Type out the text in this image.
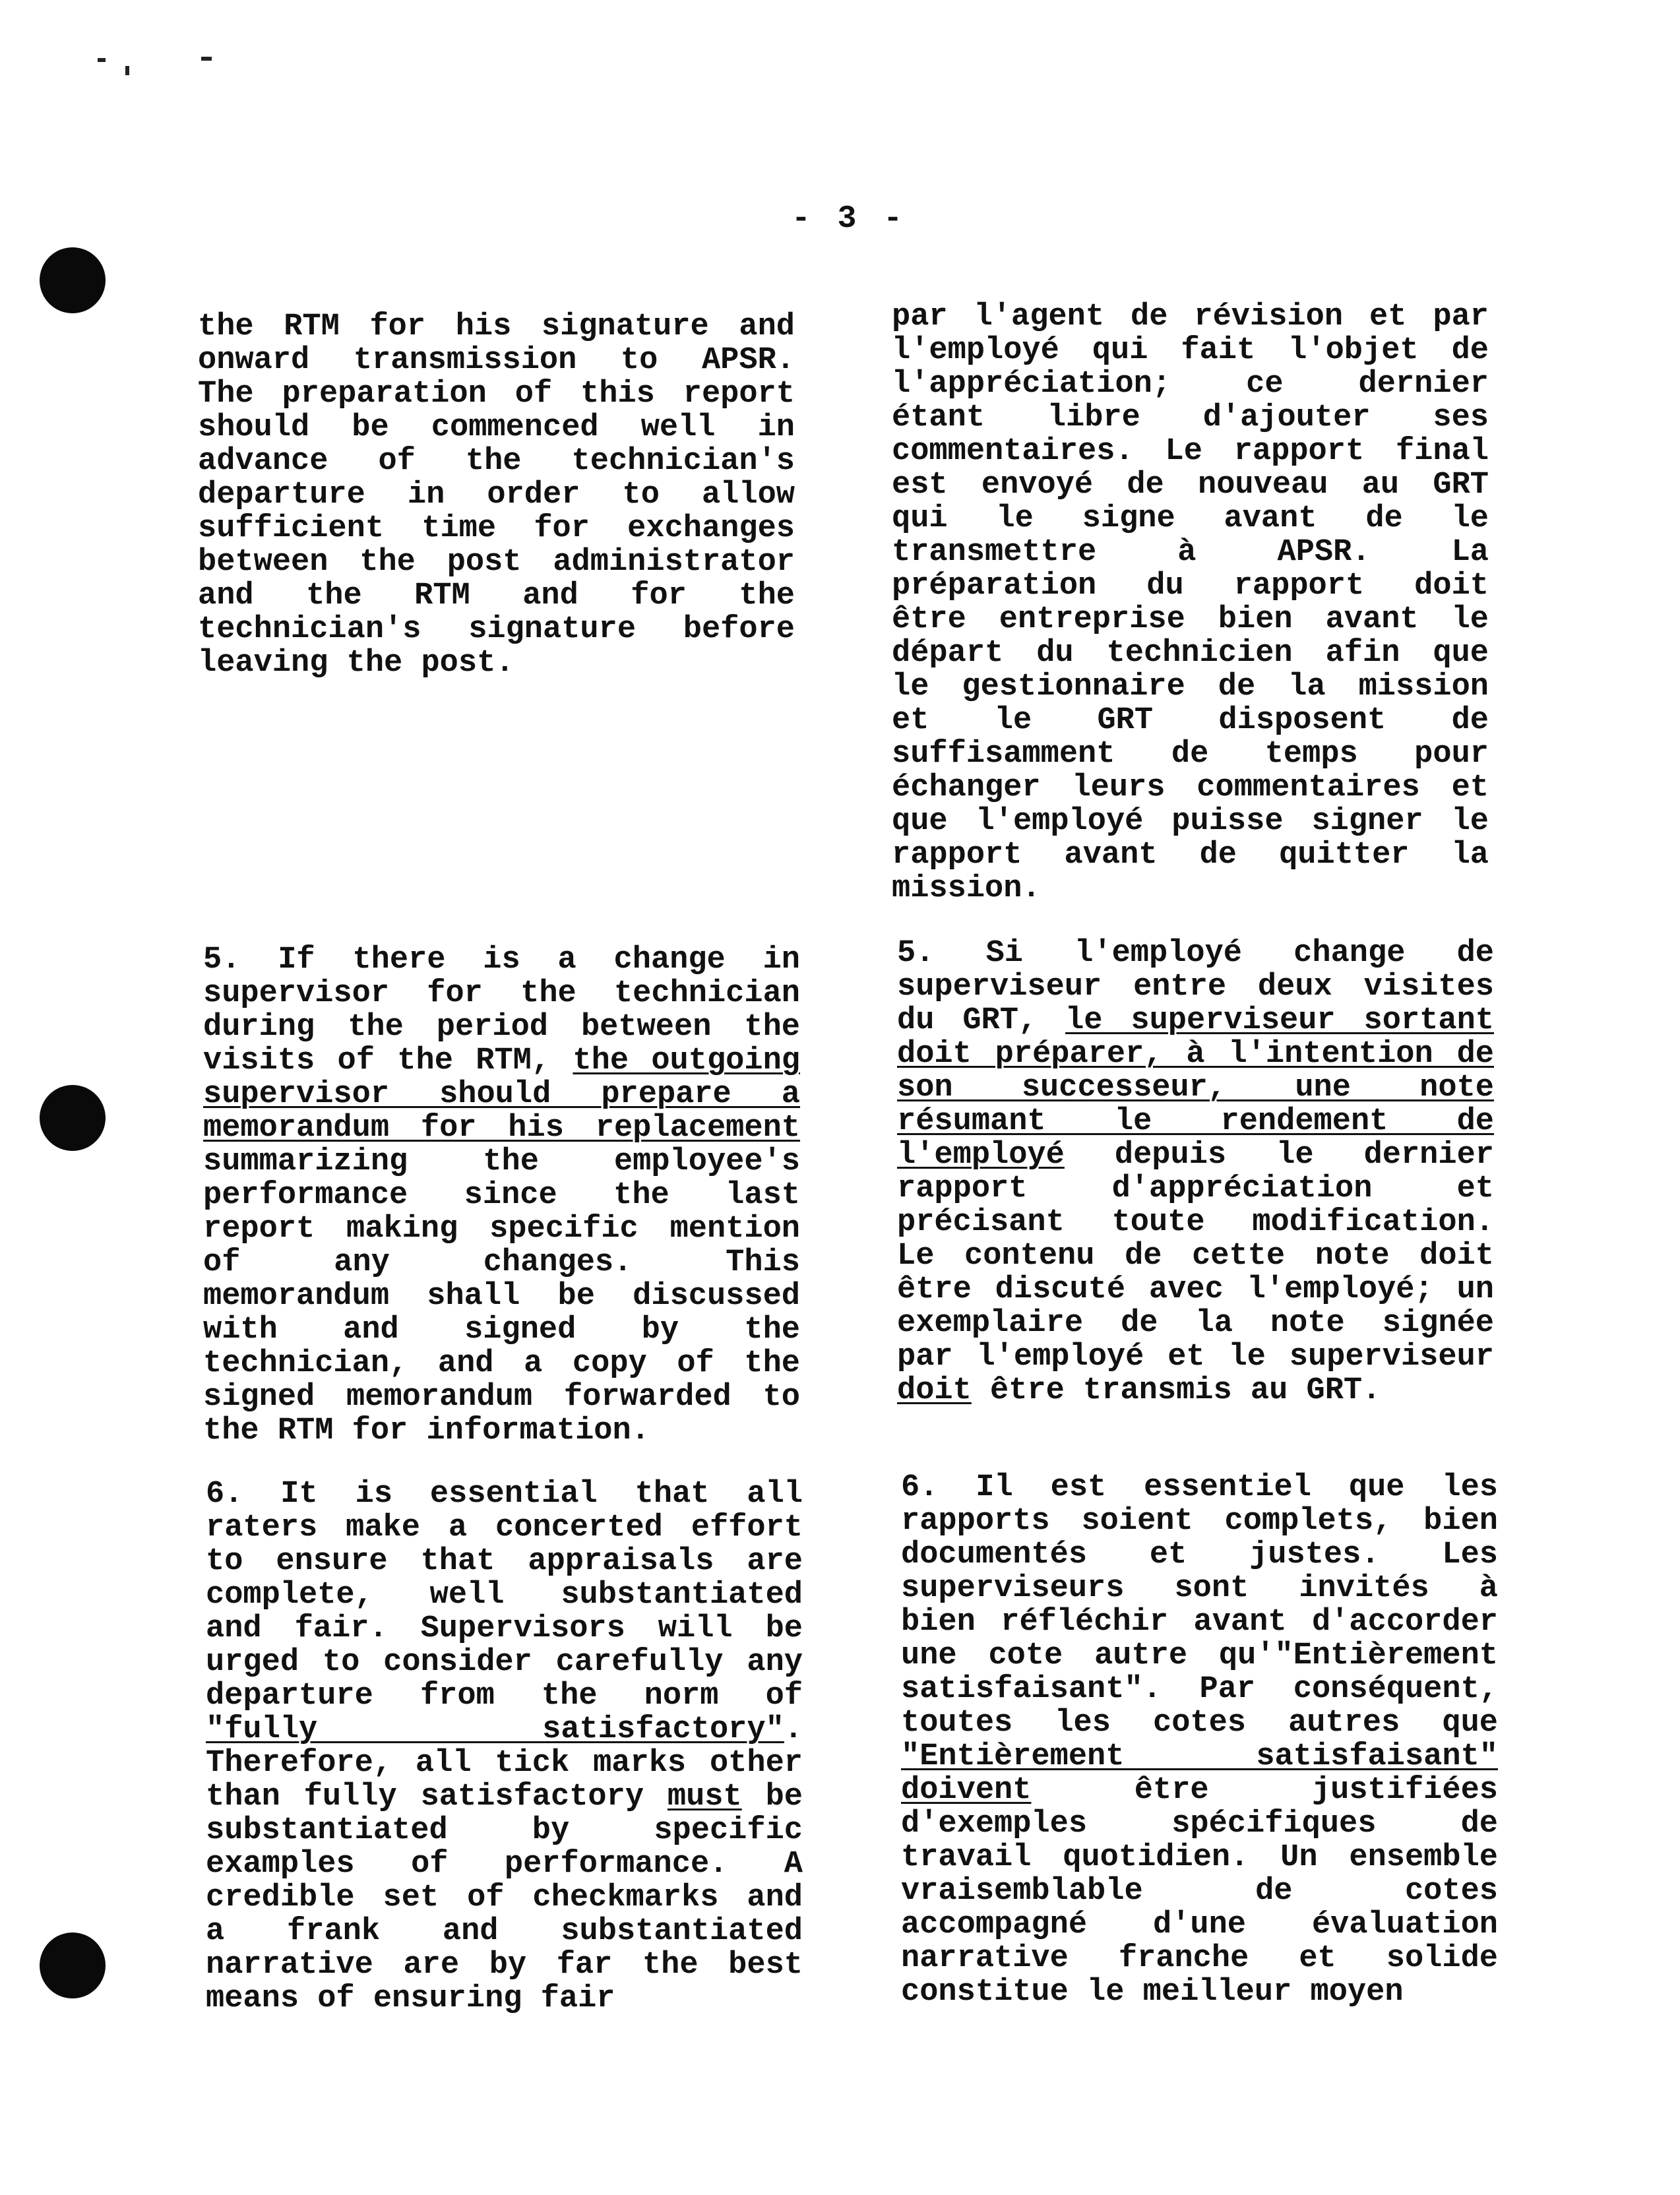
- 3 -
the RTM for his signature and
onward transmission to APSR.
The preparation of this report
should be commenced well in
advance of the technician's
departure in order to allow
sufficient time for exchanges
between the post administrator
and the RTM and for the
technician's signature before
leaving the post.
5. If there is a change in
supervisor for the technician
during the period between the
visits of the RTM, the outgoing
supervisor should prepare a
memorandum for his replacement
summarizing the employee's
performance since the last
report making specific mention
of any changes. This
memorandum shall be discussed
with and signed by the
technician, and a copy of the
signed memorandum forwarded to
the RTM for information.
6. It is essential that all
raters make a concerted effort
to ensure that appraisals are
complete, well substantiated
and fair. Supervisors will be
urged to consider carefully any
departure from the norm of
"fully satisfactory".
Therefore, all tick marks other
than fully satisfactory must be
substantiated by specific
examples of performance. A
credible set of checkmarks and
a frank and substantiated
narrative are by far the best
means of ensuring fair
par l'agent de révision et par
l'employé qui fait l'objet de
l'appréciation; ce dernier
étant libre d'ajouter ses
commentaires. Le rapport final
est envoyé de nouveau au GRT
qui le signe avant de le
transmettre à APSR. La
préparation du rapport doit
être entreprise bien avant le
départ du technicien afin que
le gestionnaire de la mission
et le GRT disposent de
suffisamment de temps pour
échanger leurs commentaires et
que l'employé puisse signer le
rapport avant de quitter la
mission.
5. Si l'employé change de
superviseur entre deux visites
du GRT, le superviseur sortant
doit préparer, à l'intention de
son successeur, une note
résumant le rendement de
l'employé depuis le dernier
rapport d'appréciation et
précisant toute modification.
Le contenu de cette note doit
être discuté avec l'employé; un
exemplaire de la note signée
par l'employé et le superviseur
doit être transmis au GRT.
6. Il est essentiel que les
rapports soient complets, bien
documentés et justes. Les
superviseurs sont invités à
bien réfléchir avant d'accorder
une cote autre qu'"Entièrement
satisfaisant". Par conséquent,
toutes les cotes autres que
"Entièrement satisfaisant"
doivent être justifiées
d'exemples spécifiques de
travail quotidien. Un ensemble
vraisemblable de cotes
accompagné d'une évaluation
narrative franche et solide
constitue le meilleur moyen
